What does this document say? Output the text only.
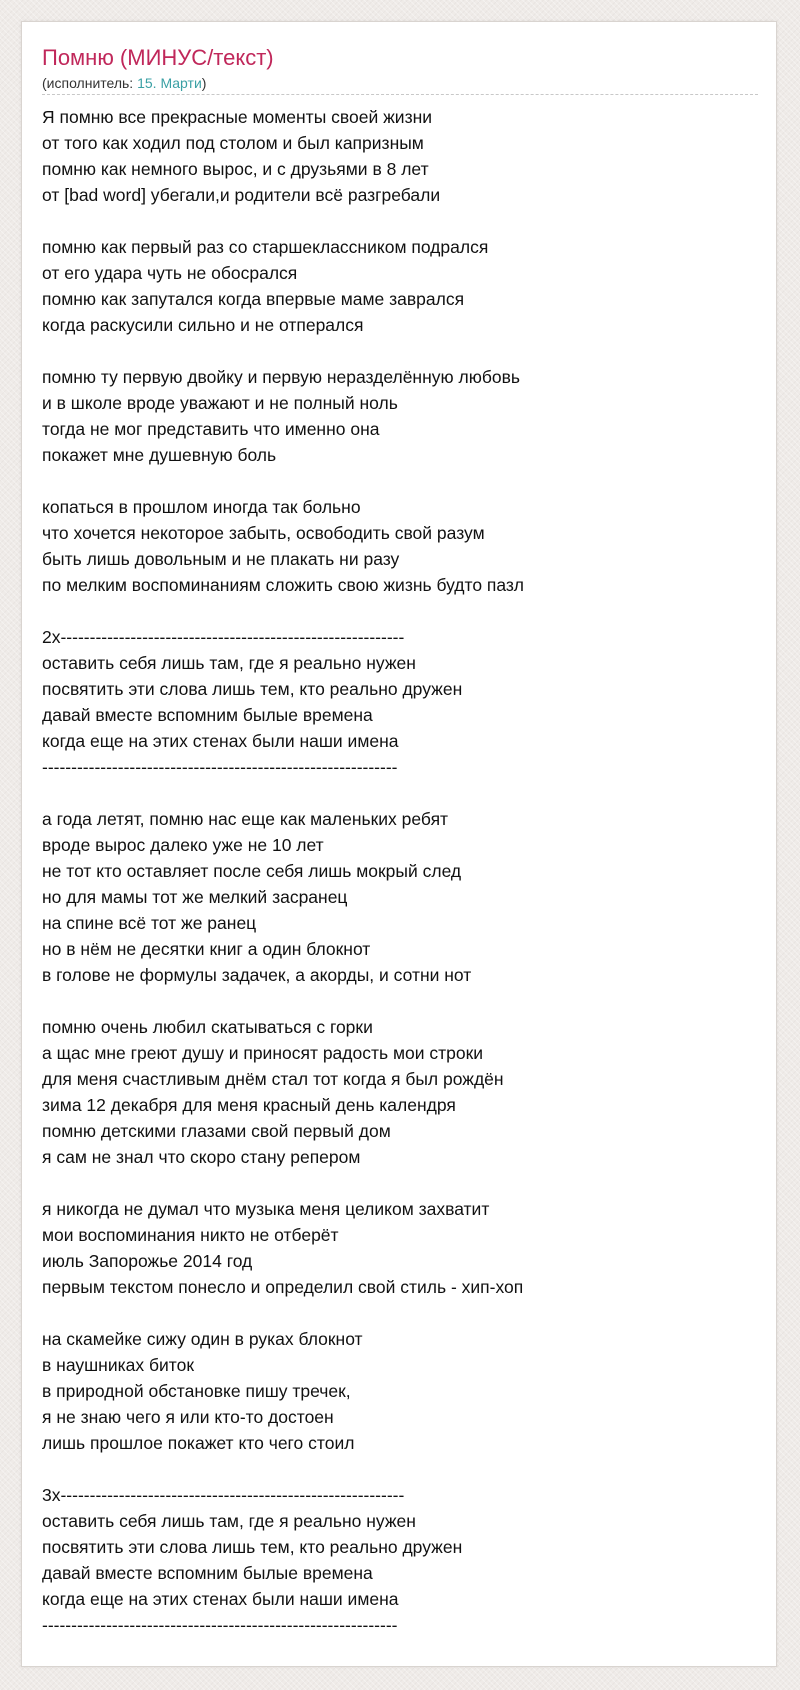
Помню (МИНУС/текст)
(исполнитель: 15. Марти)
Я помню все прекрасные моменты своей жизни
от того как ходил под столом и был капризным
помню как немного вырос, и с друзьями в 8 лет
от [bad word] убегали,и родители всё разгребали
помню как первый раз со старшеклассником подрался
от его удара чуть не обосрался
помню как запутался когда впервые маме заврался
когда раскусили сильно и не отперался
помню ту первую двойку и первую неразделённую любовь
и в школе вроде уважают и не полный ноль
тогда не мог представить что именно она
покажет мне душевную боль
копаться в прошлом иногда так больно
что хочется некоторое забыть, освободить свой разум
быть лишь довольным и не плакать ни разу
по мелким воспоминаниям сложить свою жизнь будто пазл
2х-----------------------------------------------------------
оставить себя лишь там, где я реально нужен
посвятить эти слова лишь тем, кто реально дружен
давай вместе вспомним былые времена
когда еще на этих стенах были наши имена
-------------------------------------------------------------
а года летят, помню нас еще как маленьких ребят
вроде вырос далеко уже не 10 лет
не тот кто оставляет после себя лишь мокрый след
но для мамы тот же мелкий засранец
на спине всё тот же ранец
но в нём не десятки книг а один блокнот
в голове не формулы задачек, а акорды, и сотни нот
помню очень любил скатываться с горки
а щас мне греют душу и приносят радость мои строки
для меня счастливым днём стал тот когда я был рождён
зима 12 декабря для меня красный день календря
помню детскими глазами свой первый дом
я сам не знал что скоро стану репером
я никогда не думал что музыка меня целиком захватит
мои воспоминания никто не отберёт
июль Запорожье 2014 год
первым текстом понесло и определил свой стиль - хип-хоп
на скамейке сижу один в руках блокнот
в наушниках биток
в природной обстановке пишу тречек,
я не знаю чего я или кто-то достоен
лишь прошлое покажет кто чего стоил
3х-----------------------------------------------------------
оставить себя лишь там, где я реально нужен
посвятить эти слова лишь тем, кто реально дружен
давай вместе вспомним былые времена
когда еще на этих стенах были наши имена
-------------------------------------------------------------
